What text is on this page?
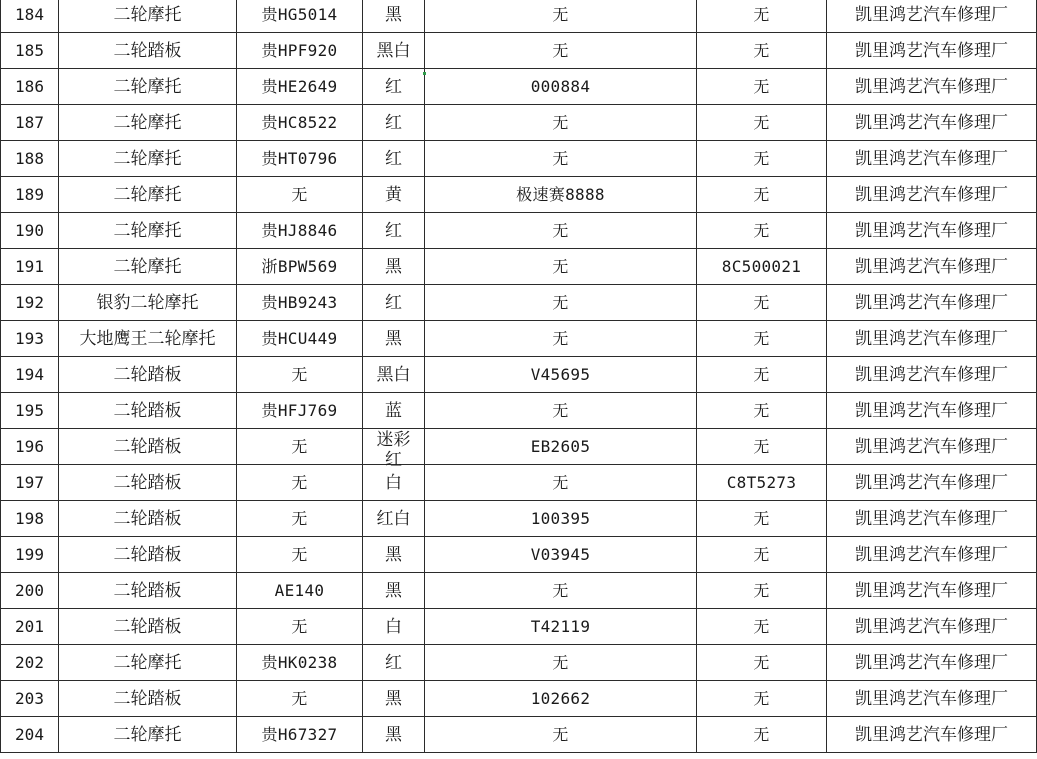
184	二轮摩托	贵HG5014	黑	无	无	凯里鸿艺汽车修理厂
185	二轮踏板	贵HPF920	黑白	无	无	凯里鸿艺汽车修理厂
186	二轮摩托	贵HE2649	红	000884	无	凯里鸿艺汽车修理厂
187	二轮摩托	贵HC8522	红	无	无	凯里鸿艺汽车修理厂
188	二轮摩托	贵HT0796	红	无	无	凯里鸿艺汽车修理厂
189	二轮摩托	无	黄	极速赛8888	无	凯里鸿艺汽车修理厂
190	二轮摩托	贵HJ8846	红	无	无	凯里鸿艺汽车修理厂
191	二轮摩托	浙BPW569	黑	无	8C500021	凯里鸿艺汽车修理厂
192	银豹二轮摩托	贵HB9243	红	无	无	凯里鸿艺汽车修理厂
193	大地鹰王二轮摩托	贵HCU449	黑	无	无	凯里鸿艺汽车修理厂
194	二轮踏板	无	黑白	V45695	无	凯里鸿艺汽车修理厂
195	二轮踏板	贵HFJ769	蓝	无	无	凯里鸿艺汽车修理厂
196	二轮踏板	无	迷彩红	EB2605	无	凯里鸿艺汽车修理厂
197	二轮踏板	无	白	无	C8T5273	凯里鸿艺汽车修理厂
198	二轮踏板	无	红白	100395	无	凯里鸿艺汽车修理厂
199	二轮踏板	无	黑	V03945	无	凯里鸿艺汽车修理厂
200	二轮踏板	AE140	黑	无	无	凯里鸿艺汽车修理厂
201	二轮踏板	无	白	T42119	无	凯里鸿艺汽车修理厂
202	二轮摩托	贵HK0238	红	无	无	凯里鸿艺汽车修理厂
203	二轮踏板	无	黑	102662	无	凯里鸿艺汽车修理厂
204	二轮摩托	贵H67327	黑	无	无	凯里鸿艺汽车修理厂
